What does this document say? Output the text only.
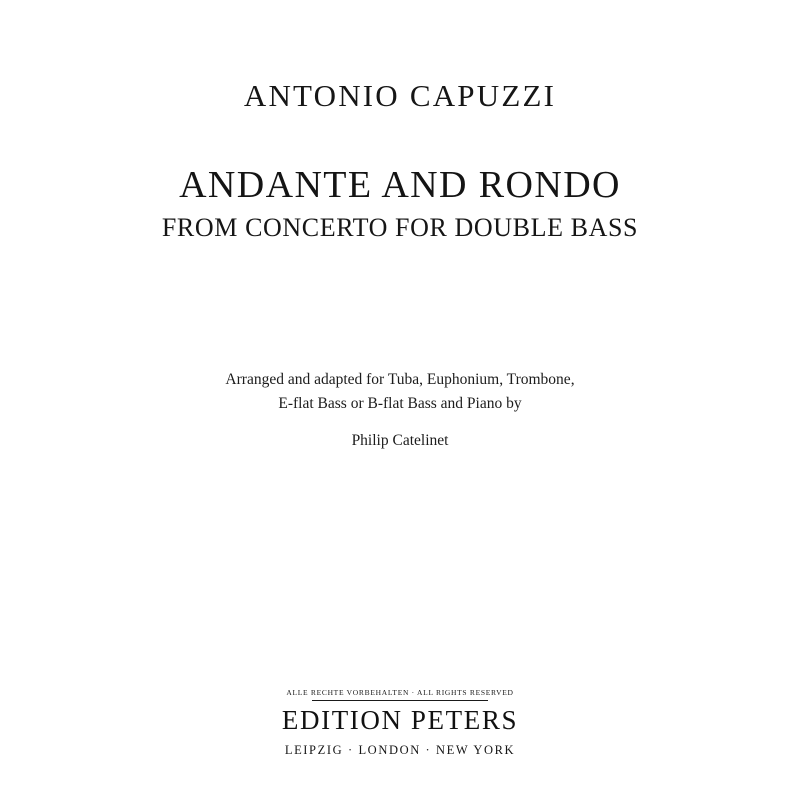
ANTONIO CAPUZZI
ANDANTE AND RONDO
FROM CONCERTO FOR DOUBLE BASS
Arranged and adapted for Tuba, Euphonium, Trombone,
E-flat Bass or B-flat Bass and Piano by
Philip Catelinet
ALLE RECHTE VORBEHALTEN · ALL RIGHTS RESERVED
EDITION PETERS
LEIPZIG · LONDON · NEW YORK
